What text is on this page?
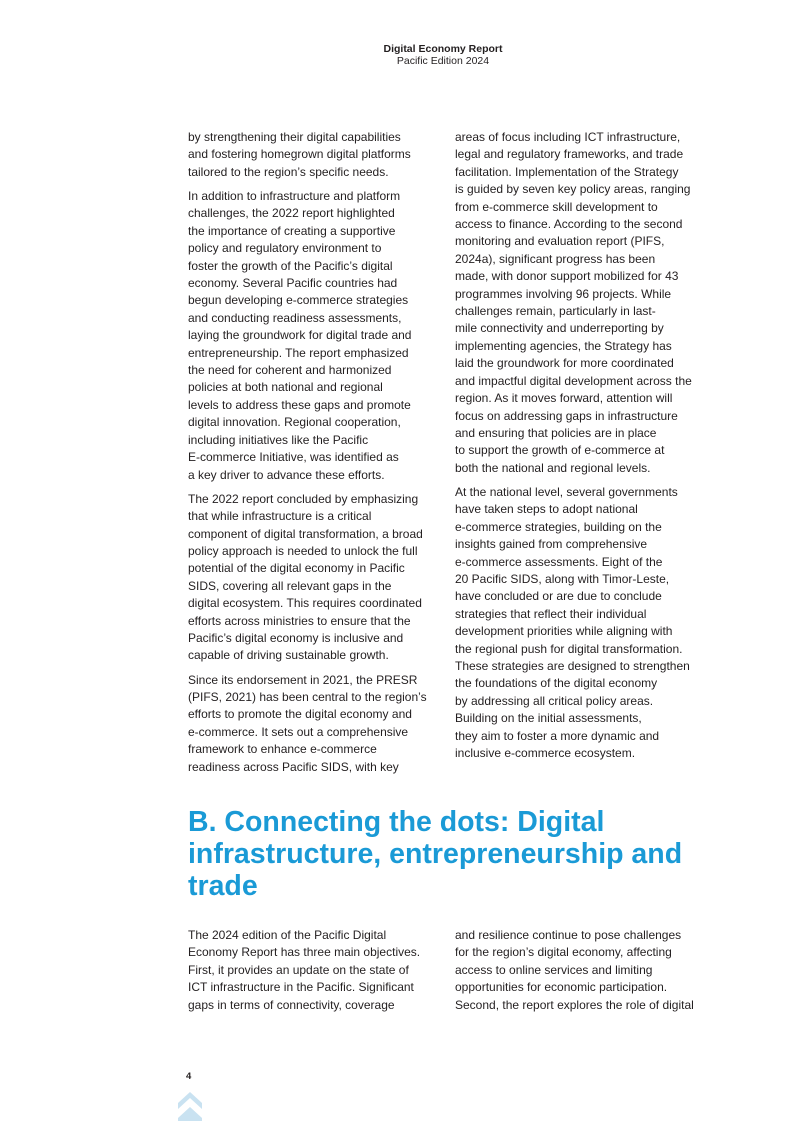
Digital Economy Report
Pacific Edition 2024

by strengthening their digital capabilities
and fostering homegrown digital platforms
tailored to the region’s specific needs.

In addition to infrastructure and platform
challenges, the 2022 report highlighted
the importance of creating a supportive
policy and regulatory environment to
foster the growth of the Pacific’s digital
economy. Several Pacific countries had
begun developing e-commerce strategies
and conducting readiness assessments,
laying the groundwork for digital trade and
entrepreneurship. The report emphasized
the need for coherent and harmonized
policies at both national and regional
levels to address these gaps and promote
digital innovation. Regional cooperation,
including initiatives like the Pacific
E-commerce Initiative, was identified as
a key driver to advance these efforts.

The 2022 report concluded by emphasizing
that while infrastructure is a critical
component of digital transformation, a broad
policy approach is needed to unlock the full
potential of the digital economy in Pacific
SIDS, covering all relevant gaps in the
digital ecosystem. This requires coordinated
efforts across ministries to ensure that the
Pacific’s digital economy is inclusive and
capable of driving sustainable growth.

Since its endorsement in 2021, the PRESR
(PIFS, 2021) has been central to the region’s
efforts to promote the digital economy and
e-commerce. It sets out a comprehensive
framework to enhance e-commerce
readiness across Pacific SIDS, with key

areas of focus including ICT infrastructure,
legal and regulatory frameworks, and trade
facilitation. Implementation of the Strategy
is guided by seven key policy areas, ranging
from e-commerce skill development to
access to finance. According to the second
monitoring and evaluation report (PIFS,
2024a), significant progress has been
made, with donor support mobilized for 43
programmes involving 96 projects. While
challenges remain, particularly in last-
mile connectivity and underreporting by
implementing agencies, the Strategy has
laid the groundwork for more coordinated
and impactful digital development across the
region. As it moves forward, attention will
focus on addressing gaps in infrastructure
and ensuring that policies are in place
to support the growth of e-commerce at
both the national and regional levels.

At the national level, several governments
have taken steps to adopt national
e-commerce strategies, building on the
insights gained from comprehensive
e-commerce assessments. Eight of the
20 Pacific SIDS, along with Timor-Leste,
have concluded or are due to conclude
strategies that reflect their individual
development priorities while aligning with
the regional push for digital transformation.
These strategies are designed to strengthen
the foundations of the digital economy
by addressing all critical policy areas.
Building on the initial assessments,
they aim to foster a more dynamic and
inclusive e-commerce ecosystem.

B. Connecting the dots: Digital
infrastructure, entrepreneurship and
trade

The 2024 edition of the Pacific Digital
Economy Report has three main objectives.
First, it provides an update on the state of
ICT infrastructure in the Pacific. Significant
gaps in terms of connectivity, coverage

and resilience continue to pose challenges
for the region’s digital economy, affecting
access to online services and limiting
opportunities for economic participation.
Second, the report explores the role of digital

4
